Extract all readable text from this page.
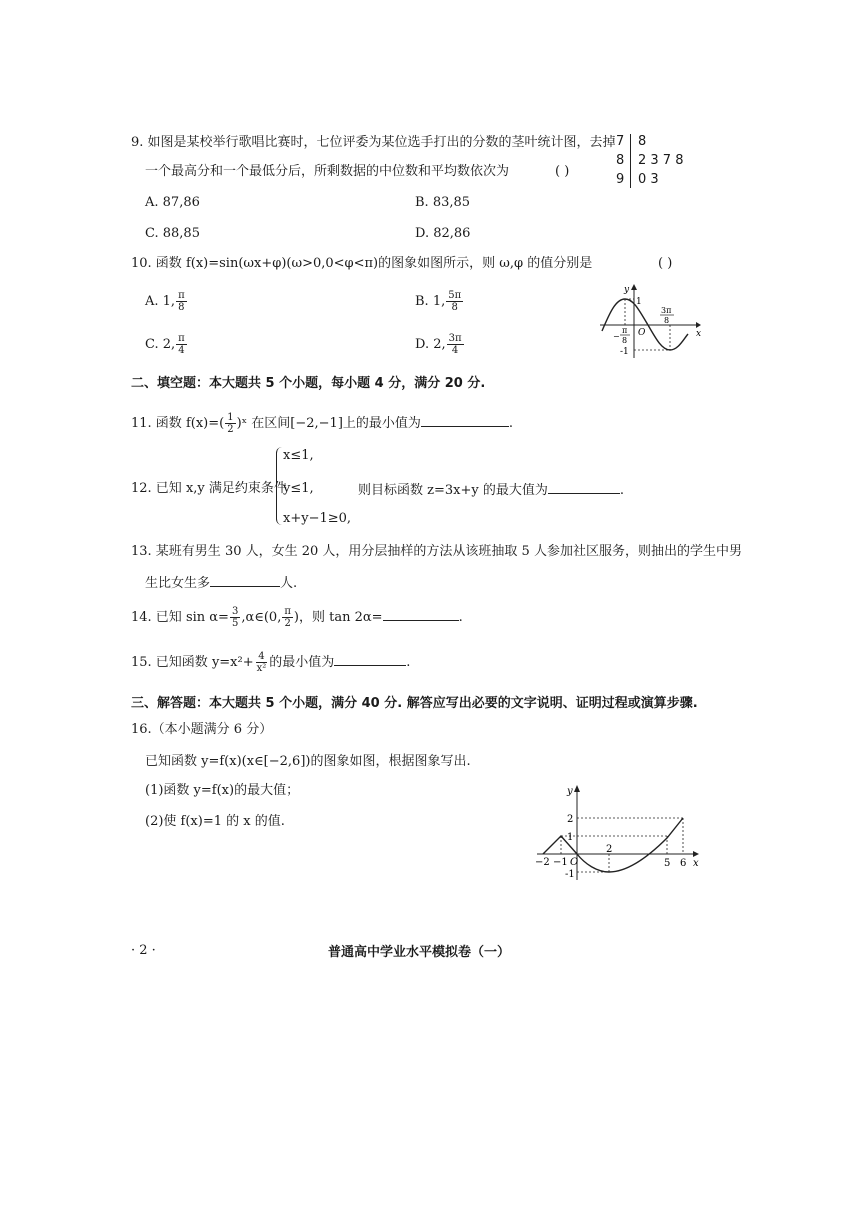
9. 如图是某校举行歌唱比赛时，七位评委为某位选手打出的分数的茎叶统计图，去掉
一个最高分和一个最低分后，所剩数据的中位数和平均数依次为	( )
A. 87,86	B. 83,85
C. 88,85	D. 82,86
7 8
8 2 3 7 8
9 0 3
10. 函数 f(x)=sin(ωx+φ)(ω>0,0<φ<π)的图象如图所示，则 ω,φ 的值分别是	( )
A. 1, $\frac{\pi}{8}$	B. 1, $\frac{5\pi}{8}$
C. 2, $\frac{\pi}{4}$	D. 2, $\frac{3\pi}{4}$
y
x
1
O
-1
−
π
8
3π
8
二、填空题：本大题共 5 个小题，每小题 4 分，满分 20 分.
11. 函数 $f(x)=( \frac{1}{2}$ )ˣ 在区间[−2,−1]上的最小值为	.
12. 已知 x,y 满足约束条件
x≤1,
y≤1,
x+y−1≥0,
则目标函数 z=3x+y 的最大值为	.
13. 某班有男生 30 人，女生 20 人，用分层抽样的方法从该班抽取 5 人参加社区服务，则抽出的学生中男
生比女生多	人.
14. 已知 $\sin \alpha= \frac{3}{5}$ ,α∈(0, $\frac{\pi}{2}$ )，则 tan 2α=	.
15. 已知函数 $y=x^2+ \frac{4}{\text{x²}}$ 的最小值为	.
三、解答题：本大题共 5 个小题，满分 40 分. 解答应写出必要的文字说明、证明过程或演算步骤.
16.（本小题满分 6 分）
已知函数 y=f(x)(x∈[−2,6])的图象如图，根据图象写出.
(1)函数 y=f(x)的最大值；
(2)使 f(x)=1 的 x 的值.
y
x
2
1
-1
−2 −1 O
2
5 6
· 2 ·	普通高中学业水平模拟卷（一）
